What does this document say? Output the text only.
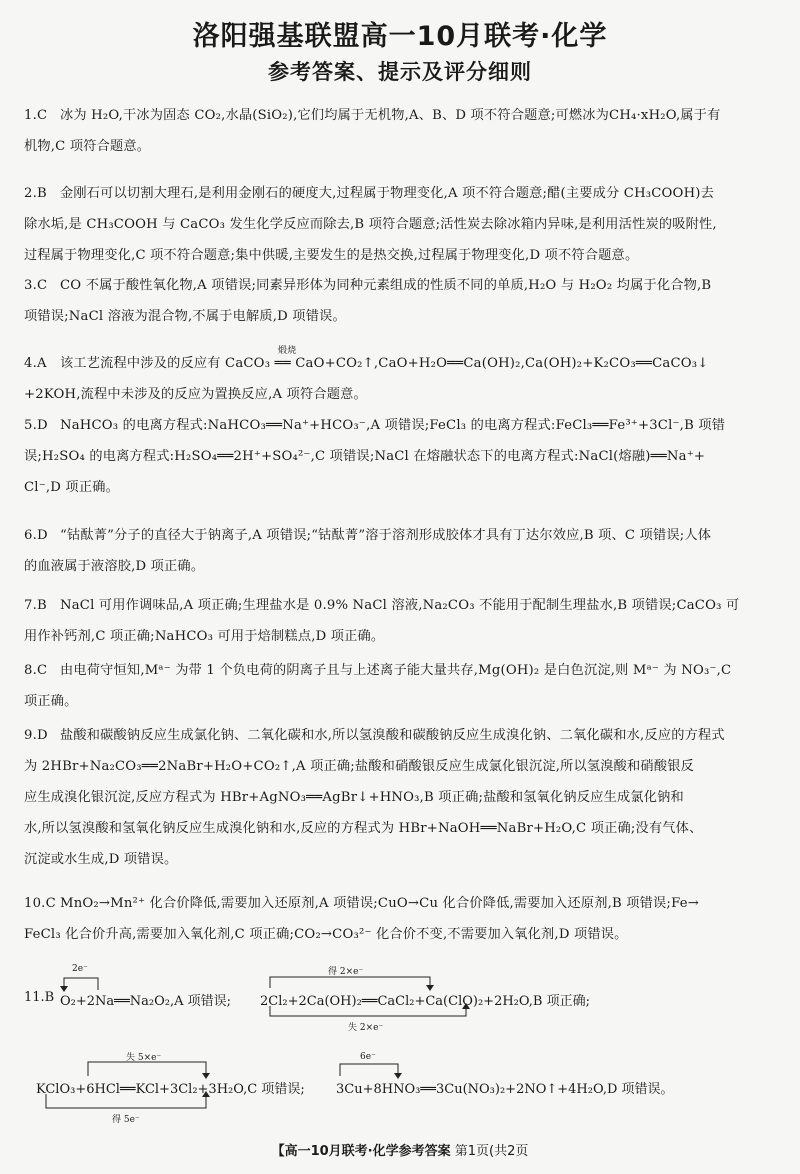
洛阳强基联盟高一10月联考·化学
参考答案、提示及评分细则
1.C 冰为 H₂O,干冰为固态 CO₂,水晶(SiO₂),它们均属于无机物,A、B、D 项不符合题意;可燃冰为CH₄·xH₂O,属于有
机物,C 项符合题意。
2.B 金刚石可以切割大理石,是利用金刚石的硬度大,过程属于物理变化,A 项不符合题意;醋(主要成分 CH₃COOH)去
除水垢,是 CH₃COOH 与 CaCO₃ 发生化学反应而除去,B 项符合题意;活性炭去除冰箱内异味,是利用活性炭的吸附性,
过程属于物理变化,C 项不符合题意;集中供暖,主要发生的是热交换,过程属于物理变化,D 项不符合题意。
3.C CO 不属于酸性氧化物,A 项错误;同素异形体为同种元素组成的性质不同的单质,H₂O 与 H₂O₂ 均属于化合物,B
项错误;NaCl 溶液为混合物,不属于电解质,D 项错误。
4.A 该工艺流程中涉及的反应有 CaCO₃ ══ CaO+CO₂↑,CaO+H₂O══Ca(OH)₂,Ca(OH)₂+K₂CO₃══CaCO₃↓
煅烧
+2KOH,流程中未涉及的反应为置换反应,A 项符合题意。
5.D NaHCO₃ 的电离方程式:NaHCO₃══Na⁺+HCO₃⁻,A 项错误;FeCl₃ 的电离方程式:FeCl₃══Fe³⁺+3Cl⁻,B 项错
误;H₂SO₄ 的电离方程式:H₂SO₄══2H⁺+SO₄²⁻,C 项错误;NaCl 在熔融状态下的电离方程式:NaCl(熔融)══Na⁺+
Cl⁻,D 项正确。
6.D “钴酞菁”分子的直径大于钠离子,A 项错误;“钴酞菁”溶于溶剂形成胶体才具有丁达尔效应,B 项、C 项错误;人体
的血液属于液溶胶,D 项正确。
7.B NaCl 可用作调味品,A 项正确;生理盐水是 0.9% NaCl 溶液,Na₂CO₃ 不能用于配制生理盐水,B 项错误;CaCO₃ 可
用作补钙剂,C 项正确;NaHCO₃ 可用于焙制糕点,D 项正确。
8.C 由电荷守恒知,Mᵃ⁻ 为带 1 个负电荷的阴离子且与上述离子能大量共存,Mg(OH)₂ 是白色沉淀,则 Mᵃ⁻ 为 NO₃⁻,C
项正确。
9.D 盐酸和碳酸钠反应生成氯化钠、二氧化碳和水,所以氢溴酸和碳酸钠反应生成溴化钠、二氧化碳和水,反应的方程式
为 2HBr+Na₂CO₃══2NaBr+H₂O+CO₂↑,A 项正确;盐酸和硝酸银反应生成氯化银沉淀,所以氢溴酸和硝酸银反
应生成溴化银沉淀,反应方程式为 HBr+AgNO₃══AgBr↓+HNO₃,B 项正确;盐酸和氢氧化钠反应生成氯化钠和
水,所以氢溴酸和氢氧化钠反应生成溴化钠和水,反应的方程式为 HBr+NaOH══NaBr+H₂O,C 项正确;没有气体、
沉淀或水生成,D 项错误。
10.C MnO₂→Mn²⁺ 化合价降低,需要加入还原剂,A 项错误;CuO→Cu 化合价降低,需要加入还原剂,B 项错误;Fe→
FeCl₃ 化合价升高,需要加入氧化剂,C 项正确;CO₂→CO₃²⁻ 化合价不变,不需要加入氧化剂,D 项错误。
2e⁻
11.B O₂+2Na══Na₂O₂,A 项错误;
得 2×e⁻
2Cl₂+2Ca(OH)₂══CaCl₂+Ca(ClO)₂+2H₂O,B 项正确;
失 2×e⁻
失 5×e⁻
KClO₃+6HCl══KCl+3Cl₂+3H₂O,C 项错误;
得 5e⁻
6e⁻
3Cu+8HNO₃══3Cu(NO₃)₂+2NO↑+4H₂O,D 项错误。
【高一10月联考·化学参考答案 第1页(共2页
